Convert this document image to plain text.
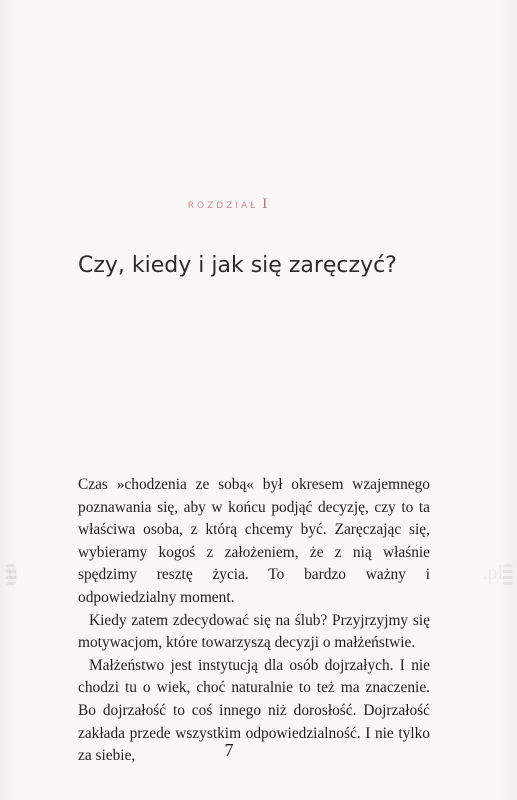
ROZDZIAŁ I
Czy, kiedy i jak się zaręczyć?

Czas »chodzenia ze sobą« był okresem wzajemnego poznawania się, aby w końcu podjąć decyzję, czy to ta właściwa osoba, z którą chcemy być. Zaręczając się, wybieramy kogoś z założeniem, że z nią właśnie spędzimy resztę życia. To bardzo ważny i odpowiedzialny moment.

Kiedy zatem zdecydować się na ślub? Przyjrzyjmy się motywacjom, które towarzyszą decyzji o małżeństwie.

Małżeństwo jest instytucją dla osób dojrzałych. I nie chodzi tu o wiek, choć naturalnie to też ma znaczenie. Bo dojrzałość to coś innego niż dorosłość. Dojrzałość zakłada przede wszystkim odpowiedzialność. I nie tylko za siebie,	7
u	.pl
